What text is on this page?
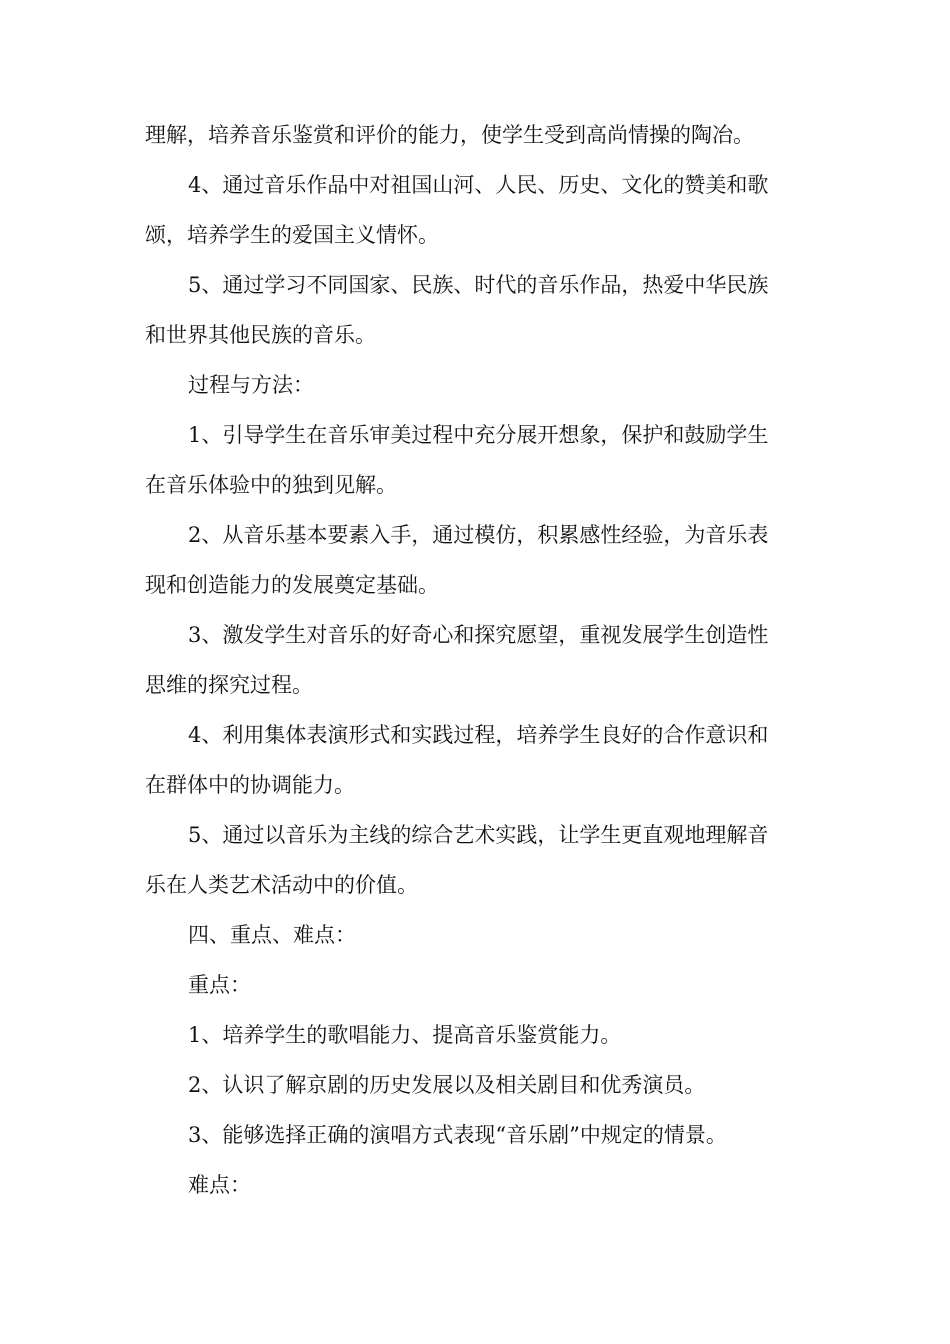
理解，培养音乐鉴赏和评价的能力，使学生受到高尚情操的陶冶。
4、通过音乐作品中对祖国山河、人民、历史、文化的赞美和歌
颂，培养学生的爱国主义情怀。
5、通过学习不同国家、民族、时代的音乐作品，热爱中华民族
和世界其他民族的音乐。
过程与方法：
1、引导学生在音乐审美过程中充分展开想象，保护和鼓励学生
在音乐体验中的独到见解。
2、从音乐基本要素入手，通过模仿，积累感性经验，为音乐表
现和创造能力的发展奠定基础。
3、激发学生对音乐的好奇心和探究愿望，重视发展学生创造性
思维的探究过程。
4、利用集体表演形式和实践过程，培养学生良好的合作意识和
在群体中的协调能力。
5、通过以音乐为主线的综合艺术实践，让学生更直观地理解音
乐在人类艺术活动中的价值。
四、重点、难点：
重点：
1、培养学生的歌唱能力、提高音乐鉴赏能力。
2、认识了解京剧的历史发展以及相关剧目和优秀演员。
3、能够选择正确的演唱方式表现“音乐剧”中规定的情景。
难点：
